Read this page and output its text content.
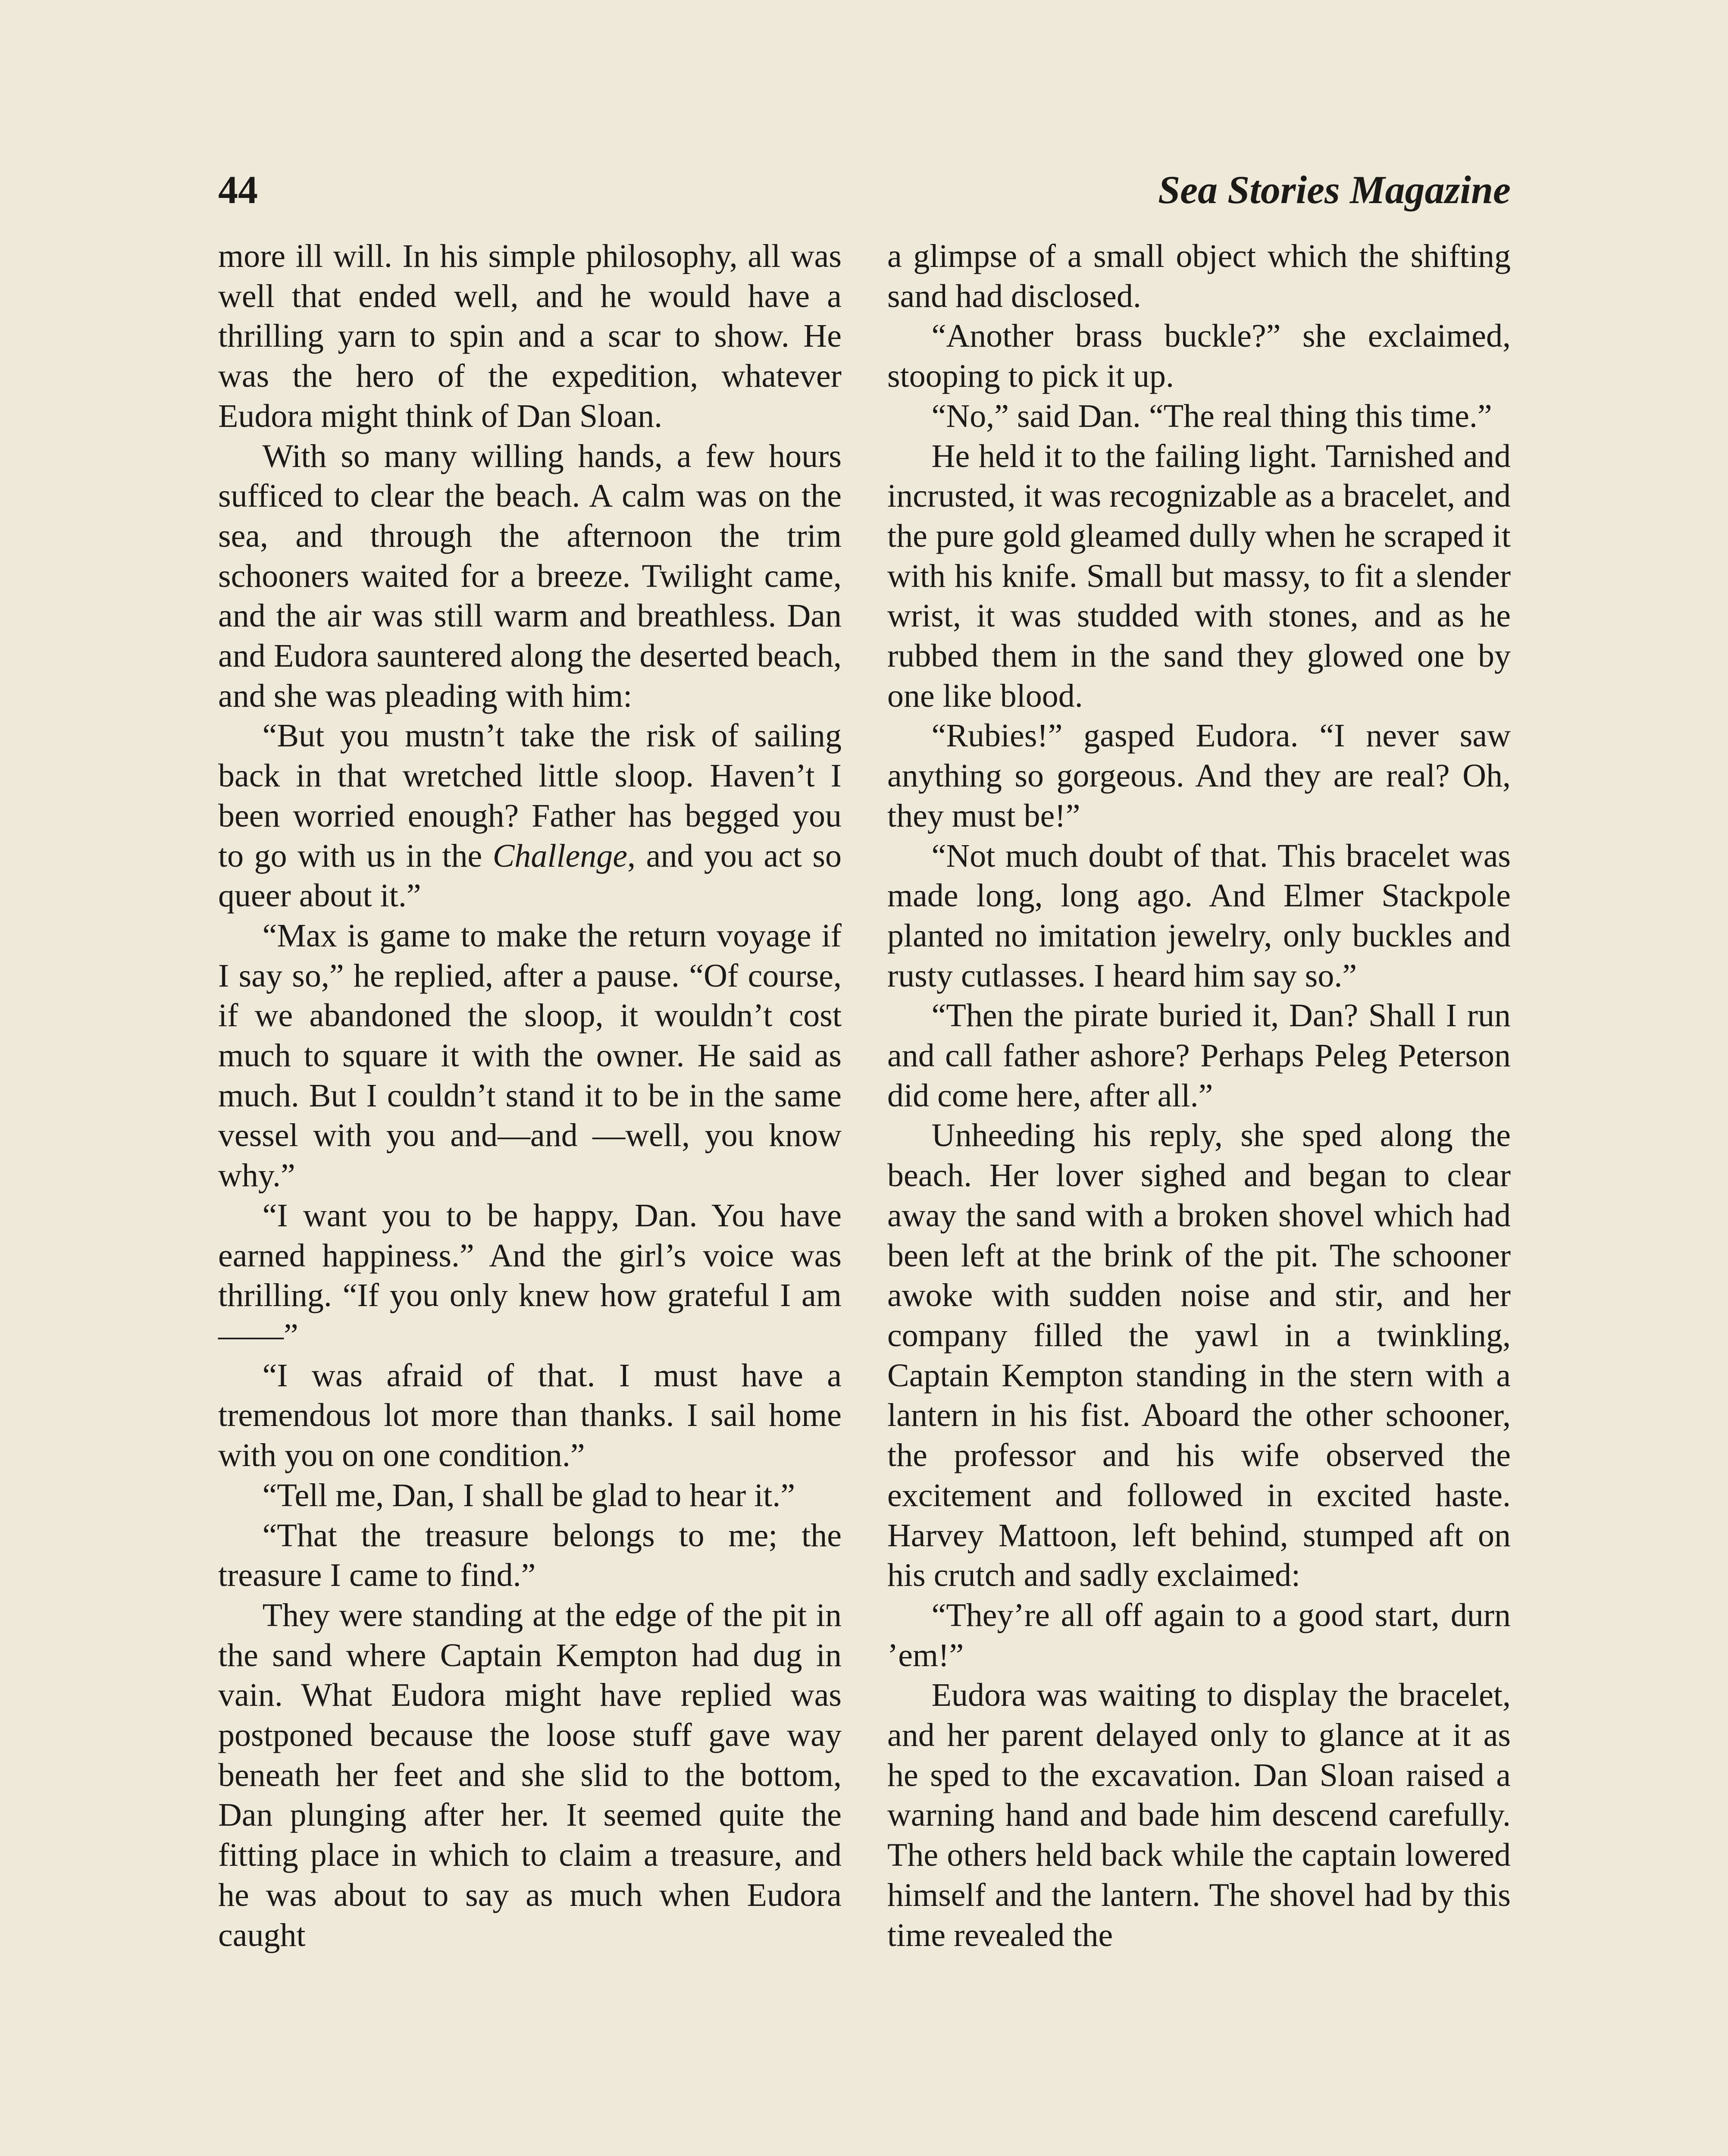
44	Sea Stories Magazine

more ill will. In his simple philosophy, all was well that ended well, and he would have a thrilling yarn to spin and a scar to show. He was the hero of the expedition, whatever Eudora might think of Dan Sloan.

With so many willing hands, a few hours sufficed to clear the beach. A calm was on the sea, and through the afternoon the trim schooners waited for a breeze. Twilight came, and the air was still warm and breathless. Dan and Eudora sauntered along the deserted beach, and she was pleading with him:

“But you mustn’t take the risk of sailing back in that wretched little sloop. Haven’t I been worried enough? Father has begged you to go with us in the Challenge, and you act so queer about it.”

“Max is game to make the return voyage if I say so,” he replied, after a pause. “Of course, if we abandoned the sloop, it wouldn’t cost much to square it with the owner. He said as much. But I couldn’t stand it to be in the same vessel with you and—and —well, you know why.”

“I want you to be happy, Dan. You have earned happiness.” And the girl’s voice was thrilling. “If you only knew how grateful I am——”

“I was afraid of that. I must have a tremendous lot more than thanks. I sail home with you on one condition.”

“Tell me, Dan, I shall be glad to hear it.”

“That the treasure belongs to me; the treasure I came to find.”

They were standing at the edge of the pit in the sand where Captain Kempton had dug in vain. What Eudora might have replied was postponed because the loose stuff gave way beneath her feet and she slid to the bottom, Dan plunging after her. It seemed quite the fitting place in which to claim a treasure, and he was about to say as much when Eudora caught

a glimpse of a small object which the shifting sand had disclosed.

“Another brass buckle?” she exclaimed, stooping to pick it up.

“No,” said Dan. “The real thing this time.”

He held it to the failing light. Tarnished and incrusted, it was recognizable as a bracelet, and the pure gold gleamed dully when he scraped it with his knife. Small but massy, to fit a slender wrist, it was studded with stones, and as he rubbed them in the sand they glowed one by one like blood.

“Rubies!” gasped Eudora. “I never saw anything so gorgeous. And they are real? Oh, they must be!”

“Not much doubt of that. This bracelet was made long, long ago. And Elmer Stackpole planted no imitation jewelry, only buckles and rusty cutlasses. I heard him say so.”

“Then the pirate buried it, Dan? Shall I run and call father ashore? Perhaps Peleg Peterson did come here, after all.”

Unheeding his reply, she sped along the beach. Her lover sighed and began to clear away the sand with a broken shovel which had been left at the brink of the pit. The schooner awoke with sudden noise and stir, and her company filled the yawl in a twinkling, Captain Kempton standing in the stern with a lantern in his fist. Aboard the other schooner, the professor and his wife observed the excitement and followed in excited haste. Harvey Mattoon, left behind, stumped aft on his crutch and sadly exclaimed:

“They’re all off again to a good start, durn ’em!”

Eudora was waiting to display the bracelet, and her parent delayed only to glance at it as he sped to the excavation. Dan Sloan raised a warning hand and bade him descend carefully. The others held back while the captain lowered himself and the lantern. The shovel had by this time revealed the
